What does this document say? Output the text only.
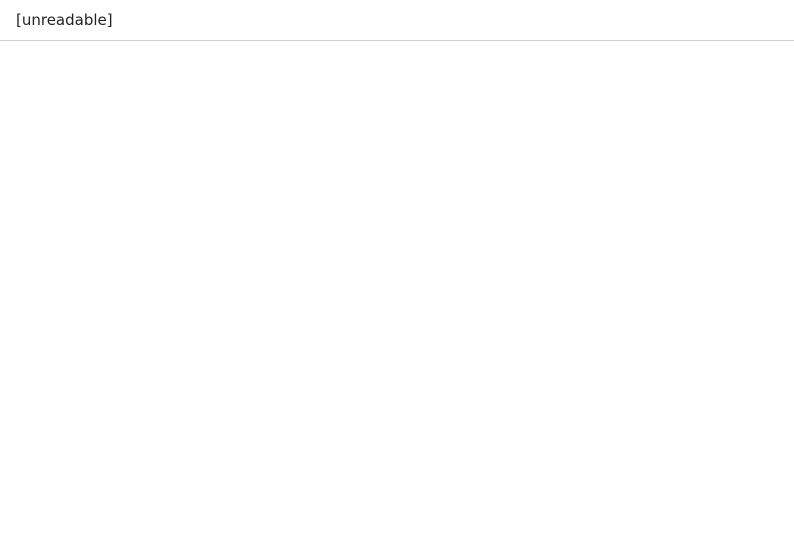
[unreadable]
